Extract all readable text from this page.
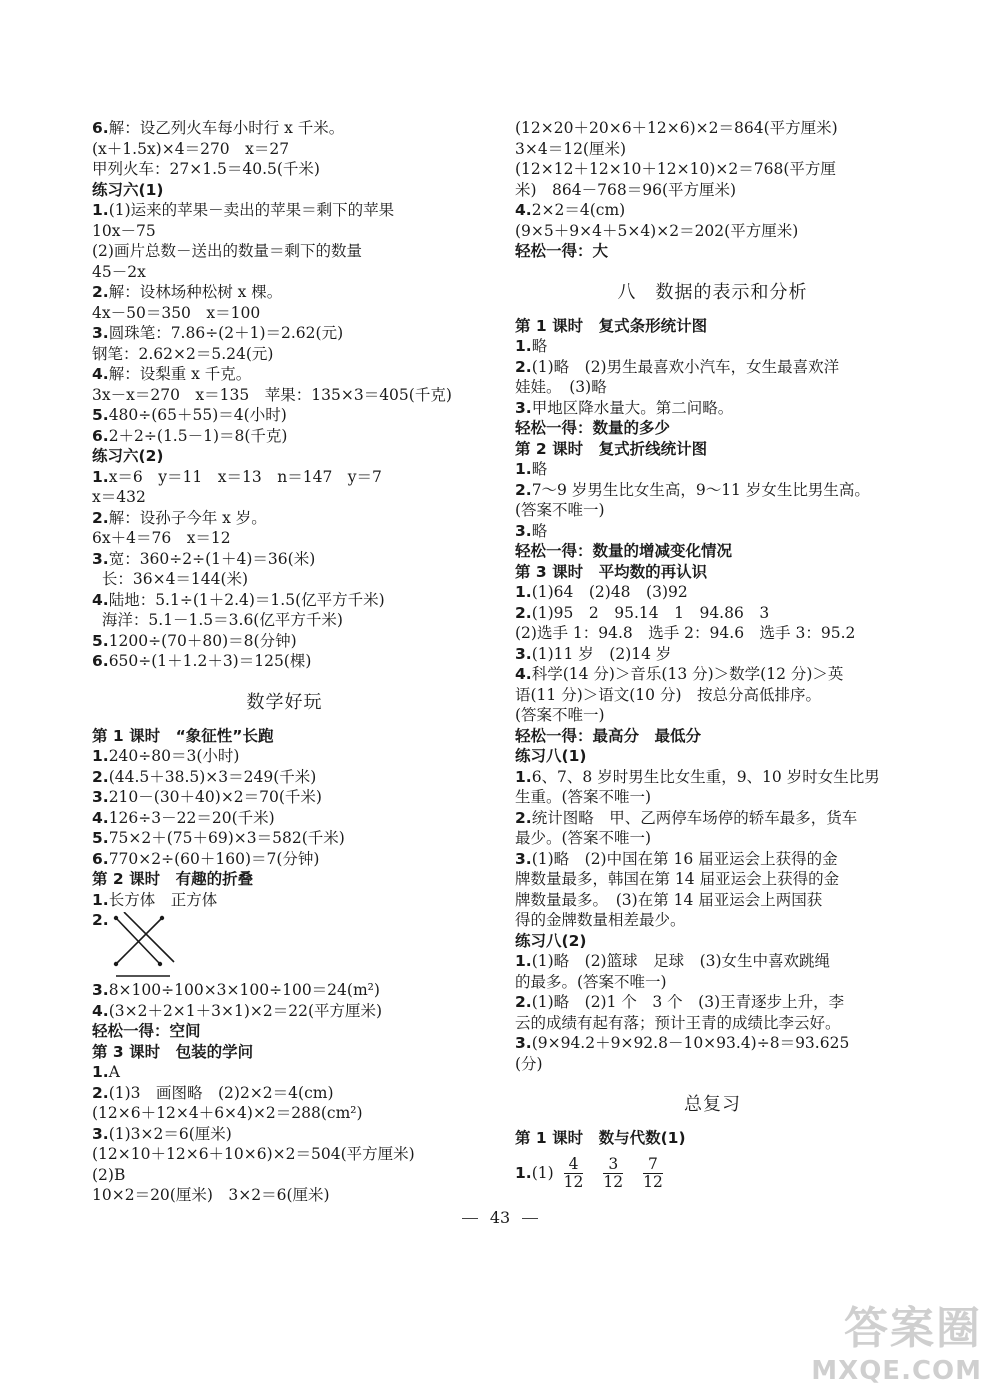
6.解：设乙列火车每小时行 x 千米。
(x＋1.5x)×4＝270　x＝27
甲列火车：27×1.5＝40.5(千米)
练习六(1)
1.(1)运来的苹果－卖出的苹果＝剩下的苹果
10x－75
(2)画片总数－送出的数量＝剩下的数量
45－2x
2.解：设林场种松树 x 棵。
4x－50＝350　x＝100
3.圆珠笔：7.86÷(2＋1)＝2.62(元)
钢笔：2.62×2＝5.24(元)
4.解：设梨重 x 千克。
3x－x＝270　x＝135　苹果：135×3＝405(千克)
5.480÷(65＋55)＝4(小时)
6.2＋2÷(1.5－1)＝8(千克)
练习六(2)
1.x＝6　y＝11　x＝13　n＝147　y＝7
x＝432
2.解：设孙子今年 x 岁。
6x＋4＝76　x＝12
3.宽：360÷2÷(1＋4)＝36(米)
长：36×4＝144(米)
4.陆地：5.1÷(1＋2.4)＝1.5(亿平方千米)
海洋：5.1－1.5＝3.6(亿平方千米)
5.1200÷(70＋80)＝8(分钟)
6.650÷(1＋1.2＋3)＝125(棵)
数学好玩
第 1 课时　“象征性”长跑
1.240÷80＝3(小时)
2.(44.5＋38.5)×3＝249(千米)
3.210－(30＋40)×2＝70(千米)
4.126÷3－22＝20(千米)
5.75×2＋(75＋69)×3＝582(千米)
6.770×2÷(60＋160)＝7(分钟)
第 2 课时　有趣的折叠
1.长方体　正方体
2.
3.8×100÷100×3×100÷100＝24(m²)
4.(3×2＋2×1＋3×1)×2＝22(平方厘米)
轻松一得：空间
第 3 课时　包装的学问
1.A
2.(1)3　画图略　(2)2×2＝4(cm)
(12×6＋12×4＋6×4)×2＝288(cm²)
3.(1)3×2＝6(厘米)
(12×10＋12×6＋10×6)×2＝504(平方厘米)
(2)B
10×2＝20(厘米)　3×2＝6(厘米)
(12×20＋20×6＋12×6)×2＝864(平方厘米)
3×4＝12(厘米)
(12×12＋12×10＋12×10)×2＝768(平方厘
米)　864－768＝96(平方厘米)
4.2×2＝4(cm)
(9×5＋9×4＋5×4)×2＝202(平方厘米)
轻松一得：大
八　数据的表示和分析
第 1 课时　复式条形统计图
1.略
2.(1)略　(2)男生最喜欢小汽车，女生最喜欢洋
娃娃。　(3)略
3.甲地区降水量大。第二问略。
轻松一得：数量的多少
第 2 课时　复式折线统计图
1.略
2.7～9 岁男生比女生高，9～11 岁女生比男生高。
(答案不唯一)
3.略
轻松一得：数量的增减变化情况
第 3 课时　平均数的再认识
1.(1)64　(2)48　(3)92
2.(1)95　2　95.14　1　94.86　3
(2)选手 1：94.8　选手 2：94.6　选手 3：95.2
3.(1)11 岁　(2)14 岁
4.科学(14 分)＞音乐(13 分)＞数学(12 分)＞英
语(11 分)＞语文(10 分)　按总分高低排序。
(答案不唯一)
轻松一得：最高分　最低分
练习八(1)
1.6、7、8 岁时男生比女生重，9、10 岁时女生比男
生重。(答案不唯一)
2.统计图略　甲、乙两停车场停的轿车最多，货车
最少。(答案不唯一)
3.(1)略　(2)中国在第 16 届亚运会上获得的金
牌数量最多，韩国在第 14 届亚运会上获得的金
牌数量最多。　(3)在第 14 届亚运会上两国获
得的金牌数量相差最少。
练习八(2)
1.(1)略　(2)篮球　足球　(3)女生中喜欢跳绳
的最多。(答案不唯一)
2.(1)略　(2)1 个　3 个　(3)王青逐步上升，李
云的成绩有起有落；预计王青的成绩比李云好。
3.(9×94.2＋9×92.8－10×93.4)÷8＝93.625
(分)
总复习
第 1 课时　数与代数(1)
$1.(1) \frac{4}{12} \frac{3}{12} \frac{7}{12}$
43
答案圈
MXQE.COM
